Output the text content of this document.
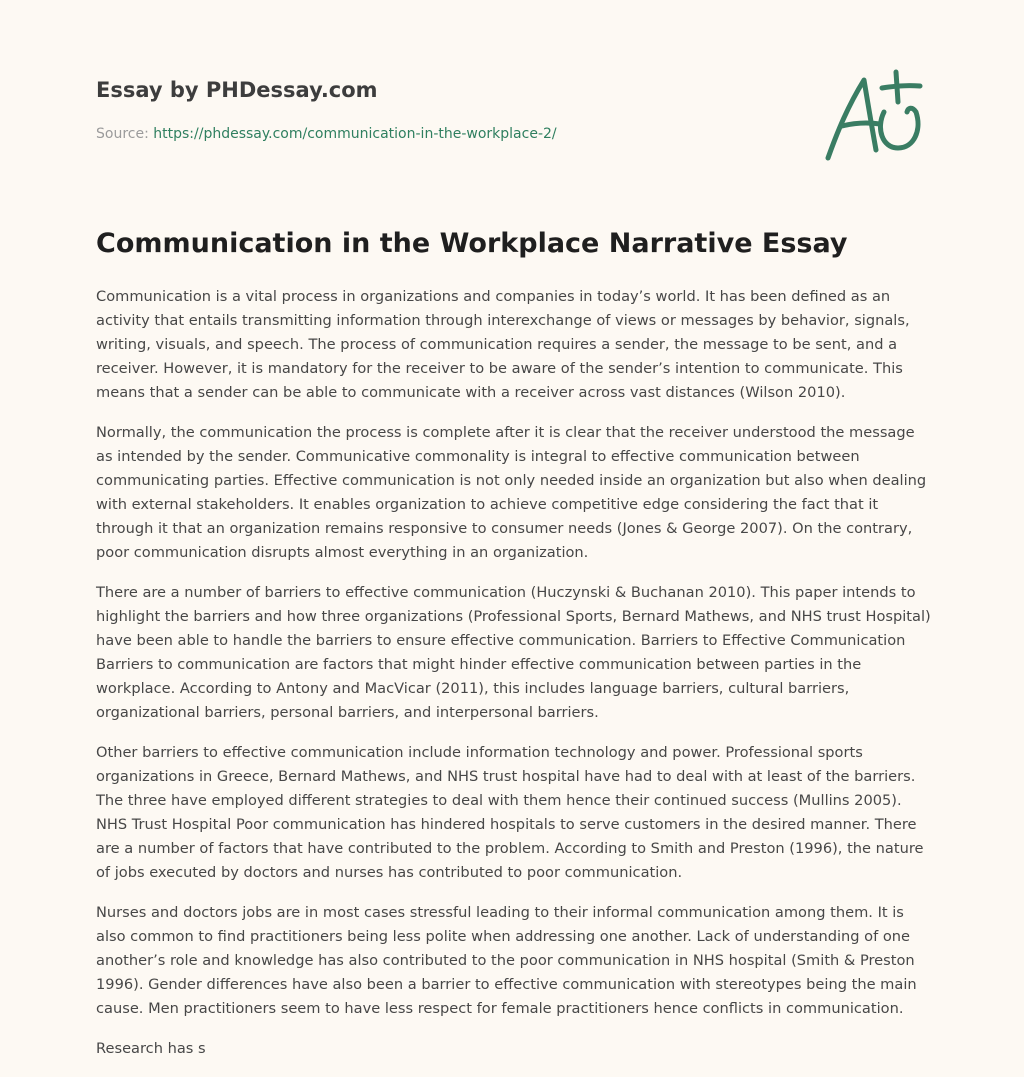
Essay by PHDessay.com
Source: https://phdessay.com/communication-in-the-workplace-2/
Communication in the Workplace Narrative Essay

Communication is a vital process in organizations and companies in today’s world. It has been defined as an activity that entails transmitting information through interexchange of views or messages by behavior, signals, writing, visuals, and speech. The process of communication requires a sender, the message to be sent, and a receiver. However, it is mandatory for the receiver to be aware of the sender’s intention to communicate. This means that a sender can be able to communicate with a receiver across vast distances (Wilson 2010).

Normally, the communication the process is complete after it is clear that the receiver understood the message as intended by the sender. Communicative commonality is integral to effective communication between communicating parties. Effective communication is not only needed inside an organization but also when dealing with external stakeholders. It enables organization to achieve competitive edge considering the fact that it through it that an organization remains responsive to consumer needs (Jones & George 2007). On the contrary, poor communication disrupts almost everything in an organization.

There are a number of barriers to effective communication (Huczynski & Buchanan 2010). This paper intends to highlight the barriers and how three organizations (Professional Sports, Bernard Mathews, and NHS trust Hospital) have been able to handle the barriers to ensure effective communication. Barriers to Effective Communication Barriers to communication are factors that might hinder effective communication between parties in the workplace. According to Antony and MacVicar (2011), this includes language barriers, cultural barriers, organizational barriers, personal barriers, and interpersonal barriers.

Other barriers to effective communication include information technology and power. Professional sports organizations in Greece, Bernard Mathews, and NHS trust hospital have had to deal with at least of the barriers. The three have employed different strategies to deal with them hence their continued success (Mullins 2005). NHS Trust Hospital Poor communication has hindered hospitals to serve customers in the desired manner. There are a number of factors that have contributed to the problem. According to Smith and Preston (1996), the nature of jobs executed by doctors and nurses has contributed to poor communication.

Nurses and doctors jobs are in most cases stressful leading to their informal communication among them. It is also common to find practitioners being less polite when addressing one another. Lack of understanding of one another’s role and knowledge has also contributed to the poor communication in NHS hospital (Smith & Preston 1996). Gender differences have also been a barrier to effective communication with stereotypes being the main cause. Men practitioners seem to have less respect for female practitioners hence conflicts in communication.

Research has s
